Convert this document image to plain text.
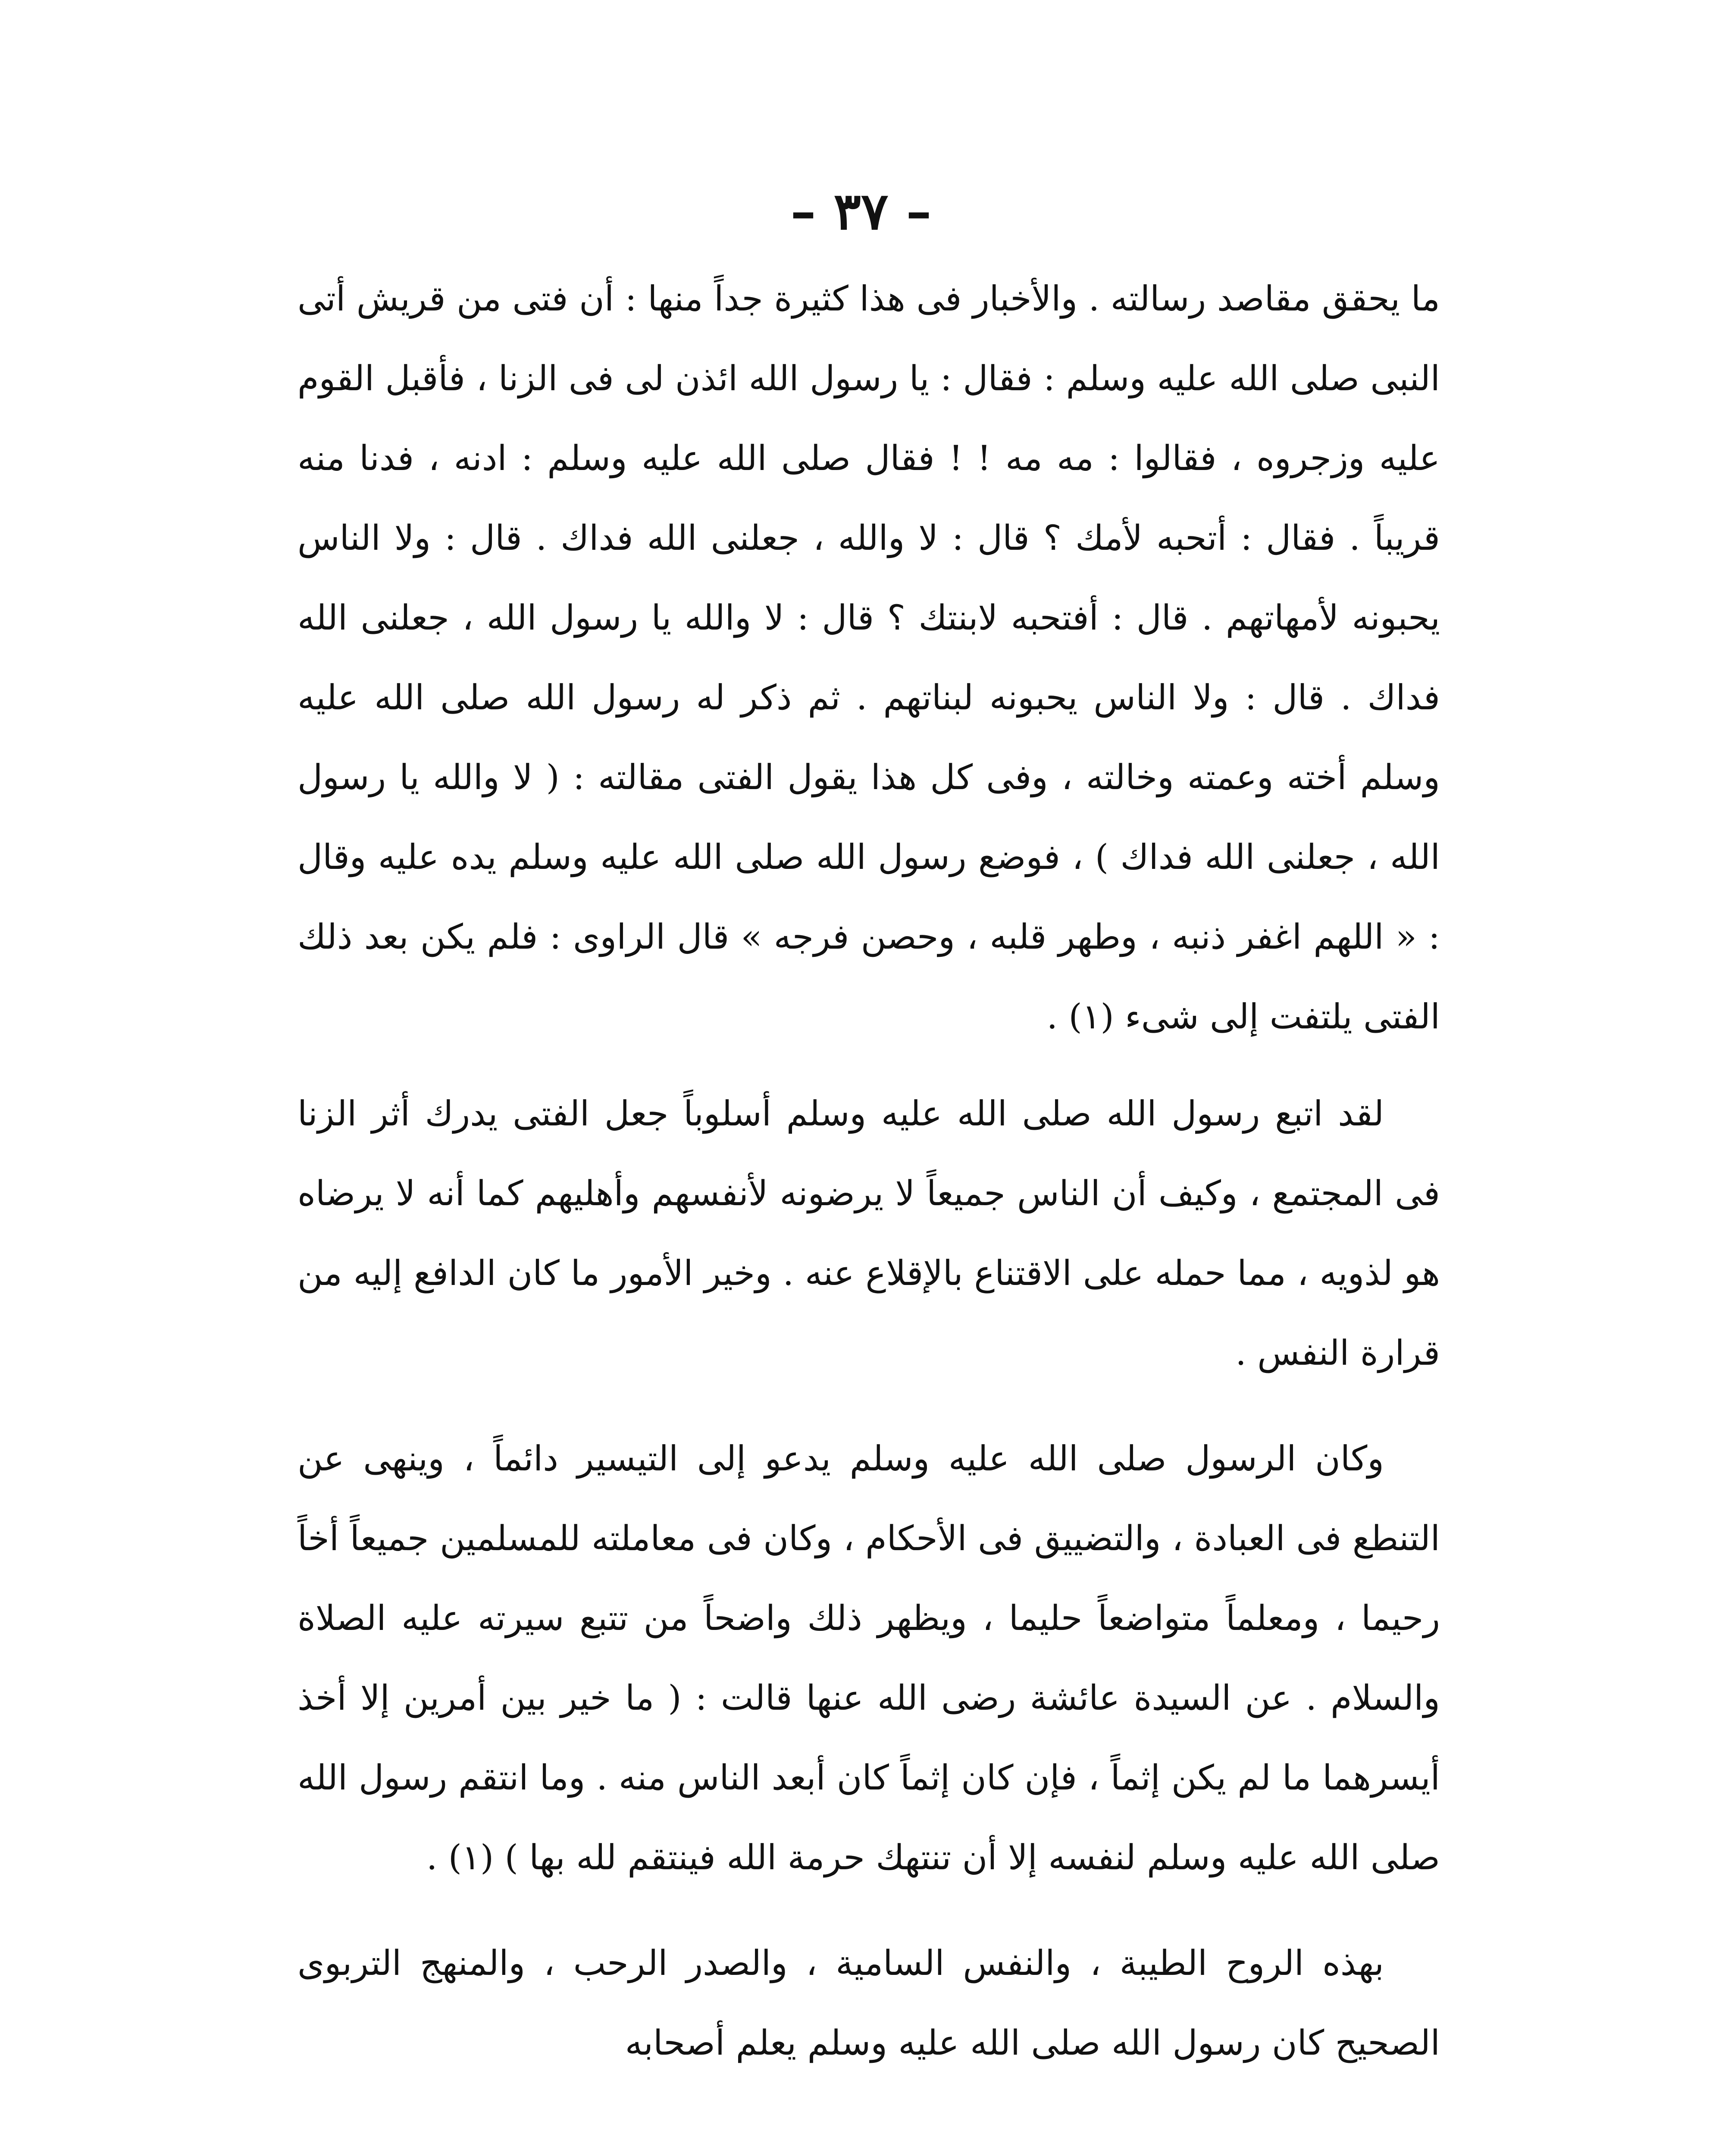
– ٣٧ –

ما يحقق مقاصد رسالته . والأخبار فى هذا كثيرة جداً منها : أن فتى من قريش أتى النبى صلى الله عليه وسلم : فقال : يا رسول الله ائذن لى فى الزنا ، فأقبل القوم عليه وزجروه ، فقالوا : مه مه ! ! فقال صلى الله عليه وسلم : ادنه ، فدنا منه قريباً . فقال : أتحبه لأمك ؟ قال : لا والله ، جعلنى الله فداك . قال : ولا الناس يحبونه لأمهاتهم . قال : أفتحبه لابنتك ؟ قال : لا والله يا رسول الله ، جعلنى الله فداك . قال : ولا الناس يحبونه لبناتهم . ثم ذكر له رسول الله صلى الله عليه وسلم أخته وعمته وخالته ، وفى كل هذا يقول الفتى مقالته : ( لا والله يا رسول الله ، جعلنى الله فداك ) ، فوضع رسول الله صلى الله عليه وسلم يده عليه وقال : « اللهم اغفر ذنبه ، وطهر قلبه ، وحصن فرجه » قال الراوى : فلم يكن بعد ذلك الفتى يلتفت إلى شىء (١) .

لقد اتبع رسول الله صلى الله عليه وسلم أسلوباً جعل الفتى يدرك أثر الزنا فى المجتمع ، وكيف أن الناس جميعاً لا يرضونه لأنفسهم وأهليهم كما أنه لا يرضاه هو لذويه ، مما حمله على الاقتناع بالإقلاع عنه . وخير الأمور ما كان الدافع إليه من قرارة النفس .

وكان الرسول صلى الله عليه وسلم يدعو إلى التيسير دائماً ، وينهى عن التنطع فى العبادة ، والتضييق فى الأحكام ، وكان فى معاملته للمسلمين جميعاً أخاً رحيما ، ومعلماً متواضعاً حليما ، ويظهر ذلك واضحاً من تتبع سيرته عليه الصلاة والسلام . عن السيدة عائشة رضى الله عنها قالت : ( ما خير بين أمرين إلا أخذ أيسرهما ما لم يكن إثماً ، فإن كان إثماً كان أبعد الناس منه . وما انتقم رسول الله صلى الله عليه وسلم لنفسه إلا أن تنتهك حرمة الله فينتقم لله بها ) (١) .

بهذه الروح الطيبة ، والنفس السامية ، والصدر الرحب ، والمنهج التربوى الصحيح كان رسول الله صلى الله عليه وسلم يعلم أصحابه
